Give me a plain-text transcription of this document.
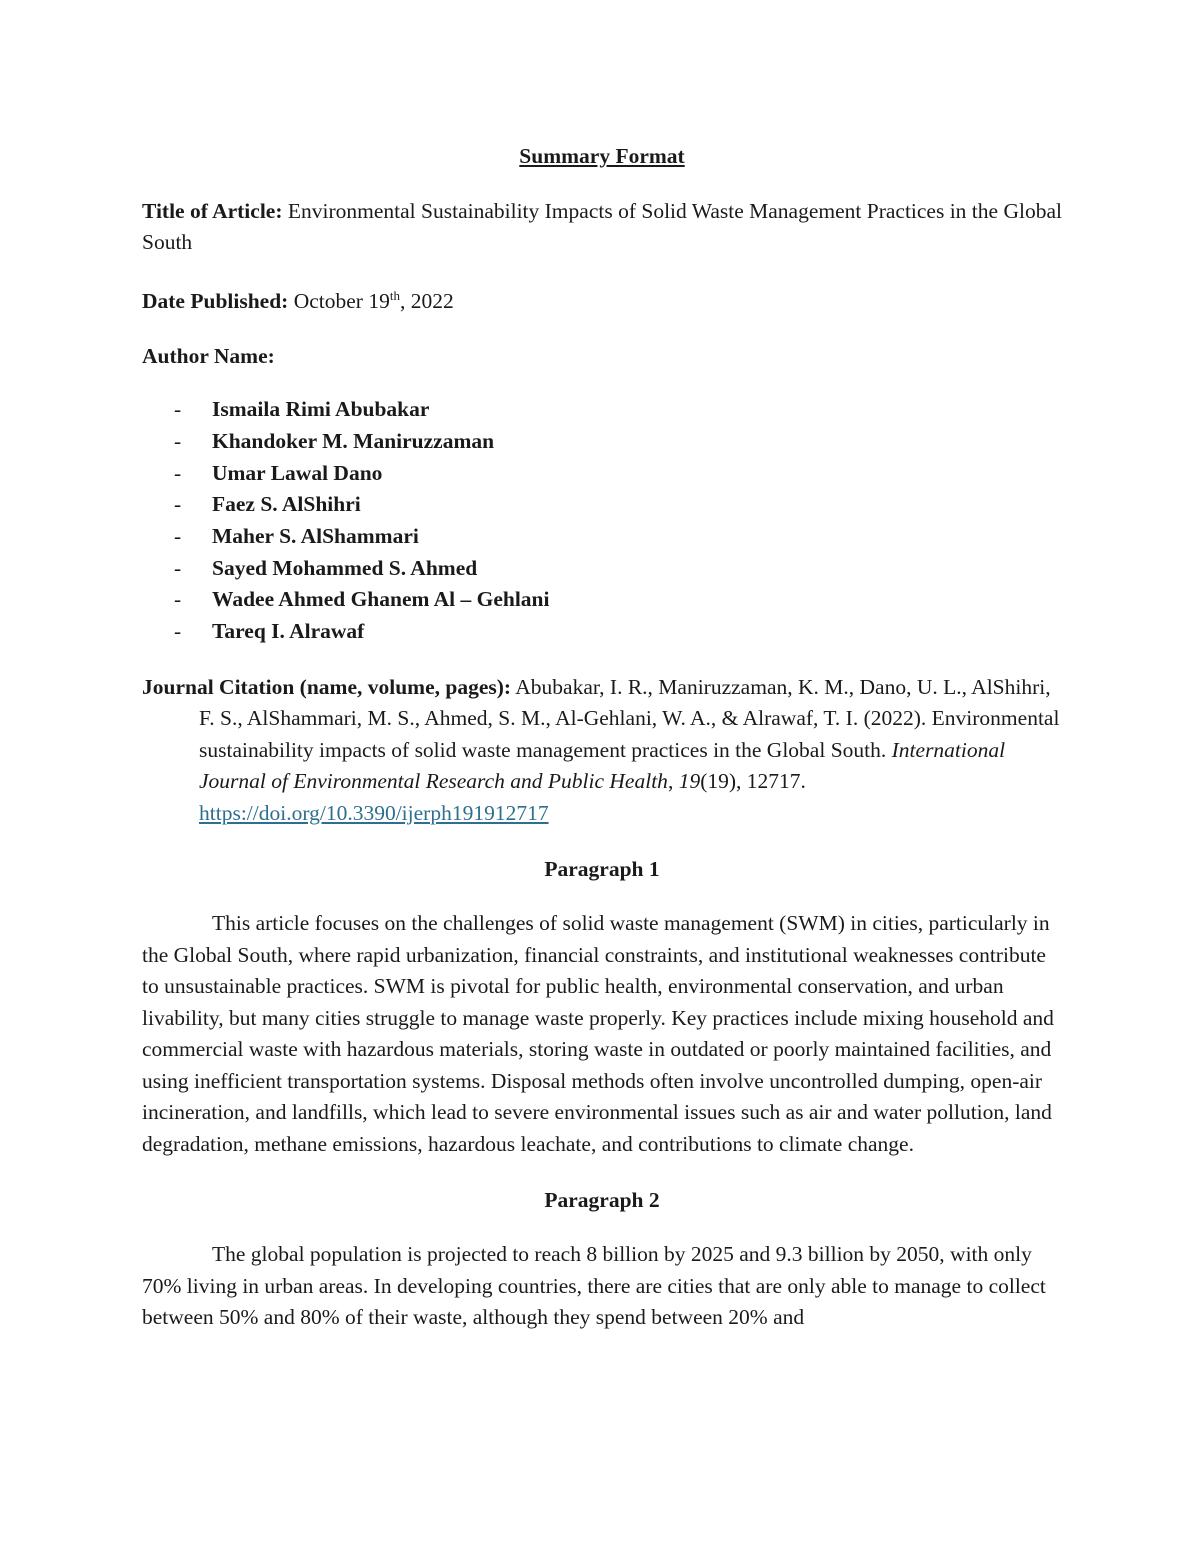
Summary Format

Title of Article: Environmental Sustainability Impacts of Solid Waste Management Practices in the Global South

Date Published: October 19th, 2022

Author Name:

- Ismaila Rimi Abubakar
- Khandoker M. Maniruzzaman
- Umar Lawal Dano
- Faez S. AlShihri
- Maher S. AlShammari
- Sayed Mohammed S. Ahmed
- Wadee Ahmed Ghanem Al – Gehlani
- Tareq I. Alrawaf

Journal Citation (name, volume, pages): Abubakar, I. R., Maniruzzaman, K. M., Dano, U. L., AlShihri, F. S., AlShammari, M. S., Ahmed, S. M., Al-Gehlani, W. A., & Alrawaf, T. I. (2022). Environmental sustainability impacts of solid waste management practices in the Global South. International Journal of Environmental Research and Public Health, 19(19), 12717. https://doi.org/10.3390/ijerph191912717

Paragraph 1

This article focuses on the challenges of solid waste management (SWM) in cities, particularly in the Global South, where rapid urbanization, financial constraints, and institutional weaknesses contribute to unsustainable practices. SWM is pivotal for public health, environmental conservation, and urban livability, but many cities struggle to manage waste properly. Key practices include mixing household and commercial waste with hazardous materials, storing waste in outdated or poorly maintained facilities, and using inefficient transportation systems. Disposal methods often involve uncontrolled dumping, open-air incineration, and landfills, which lead to severe environmental issues such as air and water pollution, land degradation, methane emissions, hazardous leachate, and contributions to climate change.

Paragraph 2

The global population is projected to reach 8 billion by 2025 and 9.3 billion by 2050, with only 70% living in urban areas. In developing countries, there are cities that are only able to manage to collect between 50% and 80% of their waste, although they spend between 20% and
